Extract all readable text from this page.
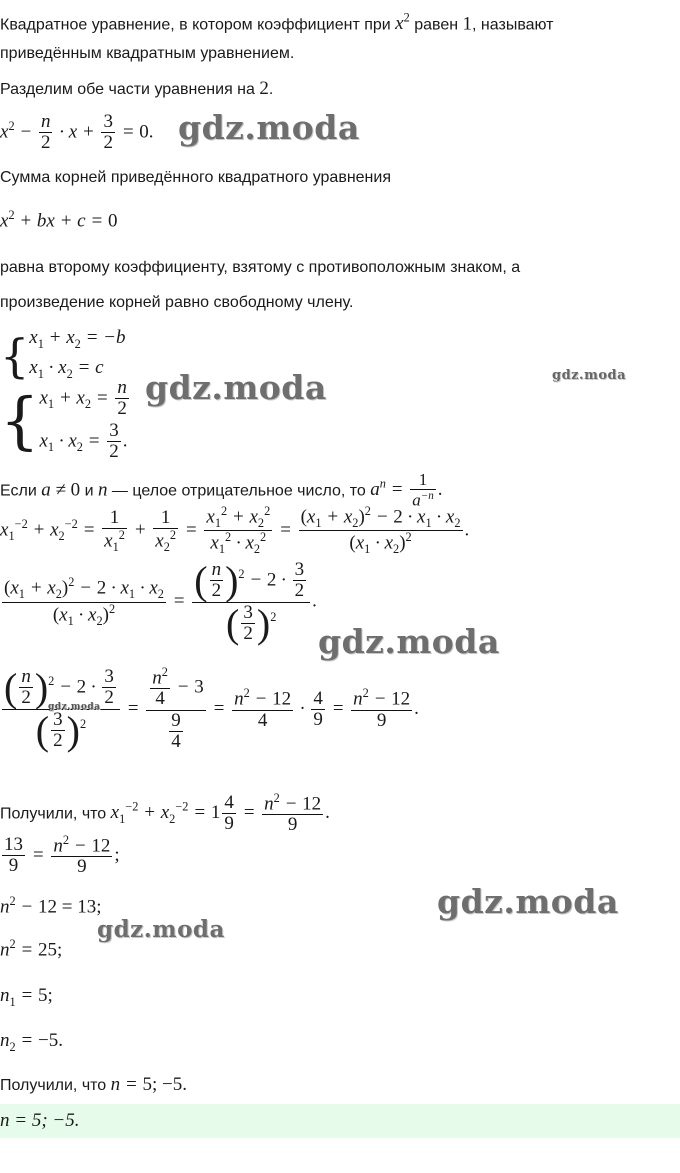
Квадратное уравнение, в котором коэффициент при $x^2$ равен 1, называют

приведённым квадратным уравнением.

Разделим обе части уравнения на 2.

$x^2 - \frac{n}{2} \cdot x + \frac{3}{2} = 0$. gdz.moda

Сумма корней приведённого квадратного уравнения

$x^2$ + bx + c = 0

равна второму коэффициенту, взятому с противоположным знаком, а

произведение корней равно свободному члену.

{ $x_1 + x_2 = -b$
$x_1 \cdot x_2 = c$	gdz.moda
{ $x_1 + x_2 = \frac{n}{2}$
$x_1 \cdot x_2 = \frac{3}{2}$ .
gdz.moda

Если a ≠ 0 и n — целое отрицательное число, то $a^n = \frac{1}{a^{-n}}$ .

$x_1^{-2} + x_2^{-2} = \frac{1}{x_1^2} + \frac{1}{x_2^2} = \frac{x_1^2 + x_2^2}{x_1^2 \cdot x_2^2} = \frac{(x_1 + x_2)^2 - 2 \cdot x_1 \cdot x_2}{(x_1 \cdot x_2)^2}$ .
$\frac{(x_1 + x_2)^2 - 2 \cdot x_1 \cdot x_2}{(x_1 \cdot x_2)^2} = \frac{( \frac{n}{2} )^2 - 2 \cdot \frac{3}{2}}{( \frac{3}{2} )^2}$ .
gdz.moda
$\frac{( \frac{n}{2} )^2 - 2 \cdot \frac{3}{2}}{( \frac{3}{2} )^2} = \frac{\frac{n^2}{4} - 3}{\frac{9}{4}} = \frac{n^2 - 12}{4} \cdot \frac{4}{9} = \frac{n^2 - 12}{9}$ .
gdz.moda

Получили, что $x_1^{-2} + x_2^{-2} = 1 \frac{4}{9} = \frac{n^2 - 12}{9}$ .

$\frac{13}{9} = \frac{n^2 - 12}{9}$ ;
$n^2 - 12 = 13$;	gdz.moda
$n^2 = 25$;
gdz.moda
$n_1 = 5$;
$n_2 = -5$.

Получили, что n = 5; −5.

n = 5; −5.
